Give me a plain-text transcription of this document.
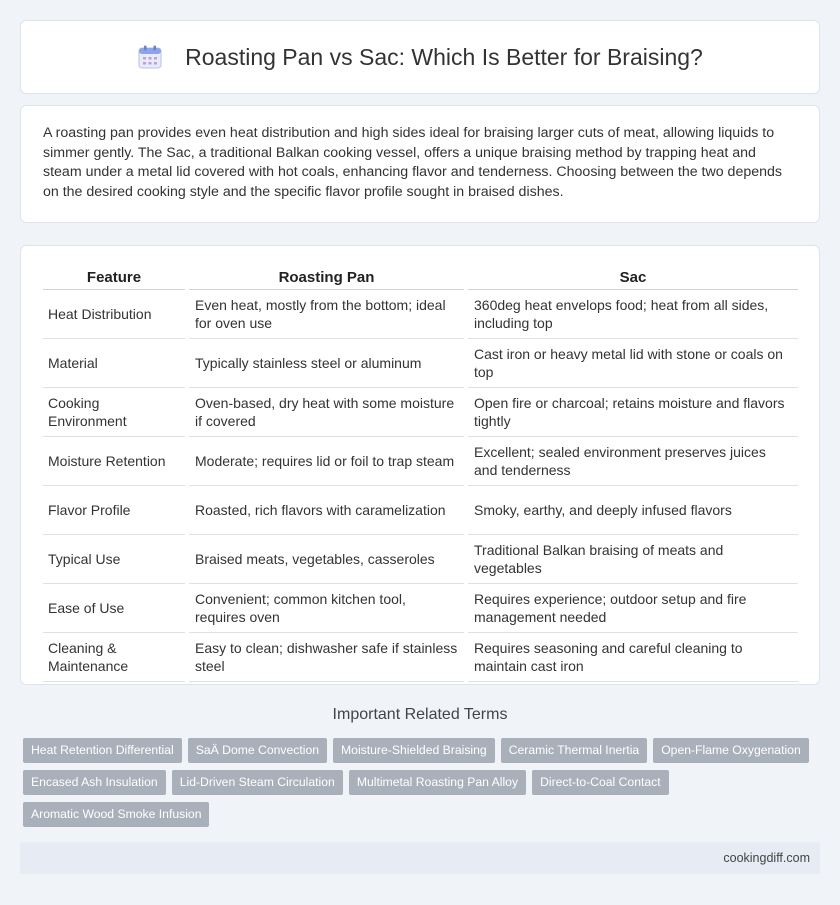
Roasting Pan vs Sac: Which Is Better for Braising?

A roasting pan provides even heat distribution and high sides ideal for braising larger cuts of meat, allowing liquids to simmer gently. The Sac, a traditional Balkan cooking vessel, offers a unique braising method by trapping heat and steam under a metal lid covered with hot coals, enhancing flavor and tenderness. Choosing between the two depends on the desired cooking style and the specific flavor profile sought in braised dishes.

Feature		Roasting Pan		Sac
Heat Distribution		Even heat, mostly from the bottom; ideal for oven use		360deg heat envelops food; heat from all sides, including top
Material		Typically stainless steel or aluminum		Cast iron or heavy metal lid with stone or coals on top
Cooking Environment		Oven-based, dry heat with some moisture if covered		Open fire or charcoal; retains moisture and flavors tightly
Moisture Retention		Moderate; requires lid or foil to trap steam		Excellent; sealed environment preserves juices and tenderness
Flavor Profile		Roasted, rich flavors with caramelization		Smoky, earthy, and deeply infused flavors
Typical Use		Braised meats, vegetables, casseroles		Traditional Balkan braising of meats and vegetables
Ease of Use		Convenient; common kitchen tool, requires oven		Requires experience; outdoor setup and fire management needed
Cleaning & Maintenance		Easy to clean; dishwasher safe if stainless steel		Requires seasoning and careful cleaning to maintain cast iron
Important Related Terms
Heat Retention Differential SaÄ Dome Convection Moisture-Shielded Braising Ceramic Thermal Inertia Open-Flame OxygenationEncased Ash Insulation Lid-Driven Steam Circulation Multimetal Roasting Pan Alloy Direct-to-Coal ContactAromatic Wood Smoke Infusion
cookingdiff.com
